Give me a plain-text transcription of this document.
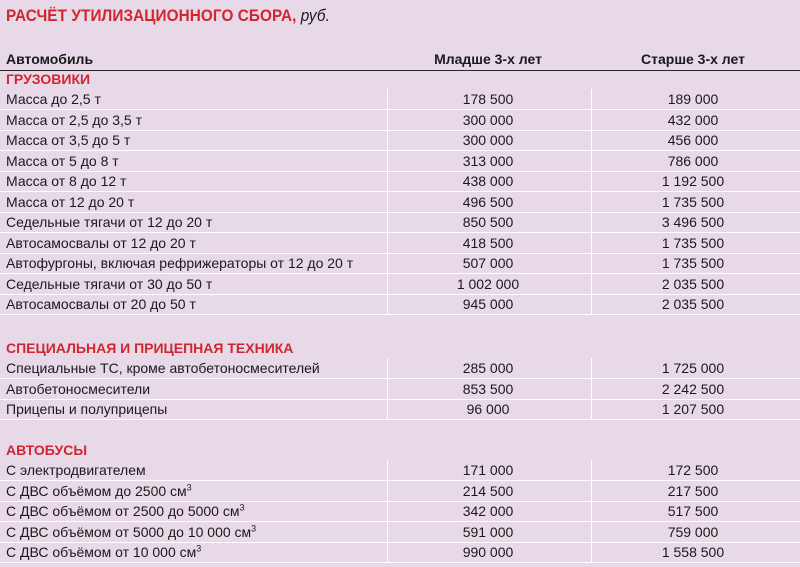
РАСЧЁТ УТИЛИЗАЦИОННОГО СБОРА, руб.
Автомобиль	Младше 3-х лет	Старше 3-х лет
ГРУЗОВИКИ
Масса до 2,5 т	178 500	189 000
Масса от 2,5 до 3,5 т	300 000	432 000
Масса от 3,5 до 5 т	300 000	456 000
Масса от 5 до 8 т	313 000	786 000
Масса от 8 до 12 т	438 000	1 192 500
Масса от 12 до 20 т	496 500	1 735 500
Седельные тягачи от 12 до 20 т	850 500	3 496 500
Автосамосвалы от 12 до 20 т	418 500	1 735 500
Автофургоны, включая рефрижераторы от 12 до 20 т	507 000	1 735 500
Седельные тягачи от 30 до 50 т	1 002 000	2 035 500
Автосамосвалы от 20 до 50 т	945 000	2 035 500
СПЕЦИАЛЬНАЯ И ПРИЦЕПНАЯ ТЕХНИКА
Специальные ТС, кроме автобетоносмесителей	285 000	1 725 000
Автобетоносмесители	853 500	2 242 500
Прицепы и полуприцепы	96 000	1 207 500
АВТОБУСЫ
С электродвигателем	171 000	172 500
С ДВС объёмом до 2500 $см^3$	214 500	217 500
С ДВС объёмом от 2500 до 5000 $см^3$	342 000	517 500
С ДВС объёмом от 5000 до 10 000 $см^3$	591 000	759 000
С ДВС объёмом от 10 000 $см^3$	990 000	1 558 500
